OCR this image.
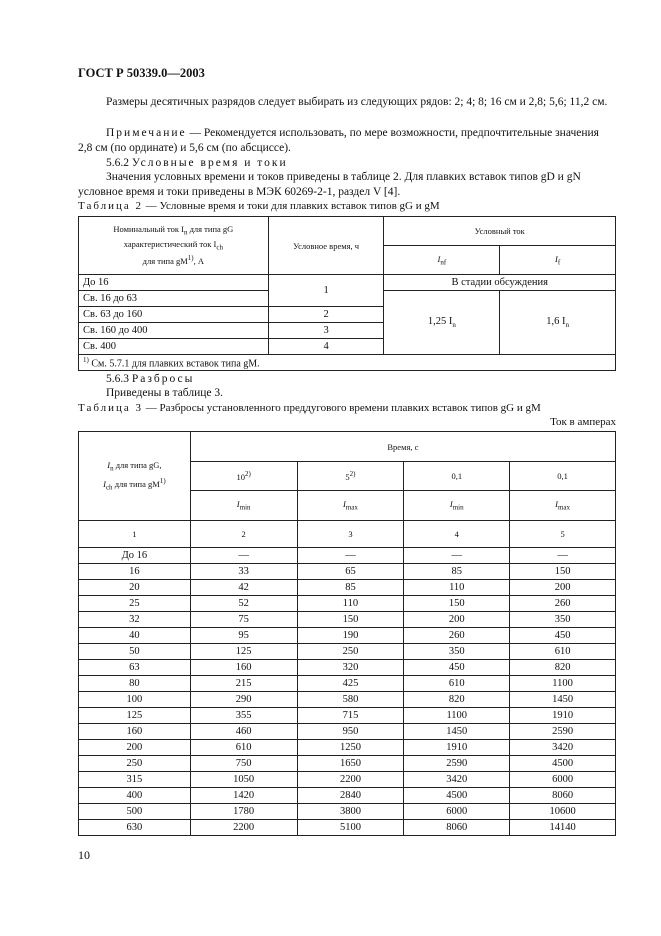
ГОСТ Р 50339.0—2003
Размеры десятичных разрядов следует выбирать из следующих рядов: 2; 4; 8; 16 см и 2,8; 5,6; 11,2 см.
Примечание — Рекомендуется использовать, по мере возможности, предпочтительные значения 2,8 см (по ординате) и 5,6 см (по абсциссе).
5.6.2 Условные время и токи
Значения условных времени и токов приведены в таблице 2. Для плавких вставок типов gD и gN условное время и токи приведены в МЭК 60269-2-1, раздел V [4].
Таблица 2 — Условные время и токи для плавких вставок типов gG и gM
Номинальный ток $I_n$ для типа gG
характеристический ток $I_{ch}$
для типа $gM^{1)}$, А	Условное время, ч	Условный ток	
		$I_{nf}$	$I_f$
До 16	1	В стадии обсуждения	
Св. 16 до 63		1,25 $I_n$	1,6 $I_n$
Св. 63 до 160	2		
Св. 160 до 400	3		
Св. 400	4		
$^{1)}$ См. 5.7.1 для плавких вставок типа gM.			
5.6.3 Разбросы
Приведены в таблице 3.
Таблица 3 — Разбросы установленного преддугового времени плавких вставок типов gG и gM
Ток в амперах
$I_n$ для типа gG,
$I_{ch}$ для типа $gM^{1)}$	Время, с			
	10$^{2)}$	5$^{2)}$	0,1	0,1
	$I_{min}$	$I_{max}$	$I_{min}$	$I_{max}$
1	2	3	4	5
До 16	—	—	—	—
16	33	65	85	150
20	42	85	110	200
25	52	110	150	260
32	75	150	200	350
40	95	190	260	450
50	125	250	350	610
63	160	320	450	820
80	215	425	610	1100
100	290	580	820	1450
125	355	715	1100	1910
160	460	950	1450	2590
200	610	1250	1910	3420
250	750	1650	2590	4500
315	1050	2200	3420	6000
400	1420	2840	4500	8060
500	1780	3800	6000	10600
630	2200	5100	8060	14140
10
